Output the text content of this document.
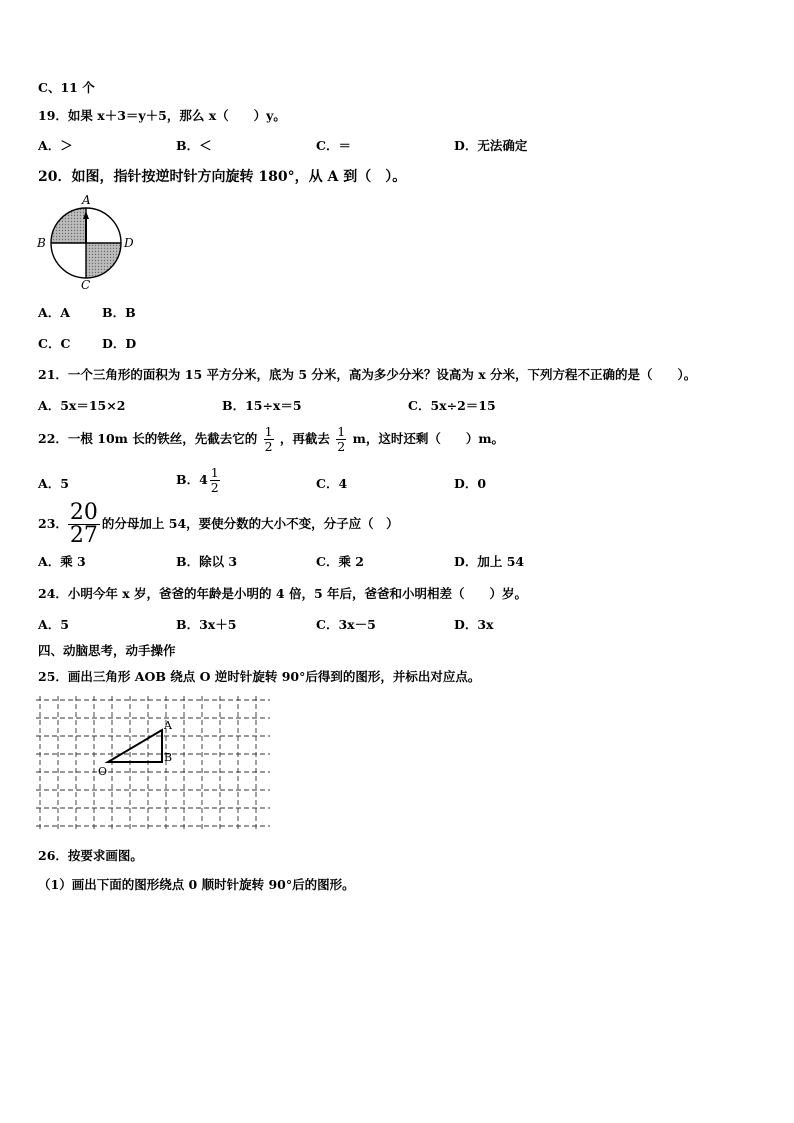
C、11 个
19．如果 x＋3＝y＋5，那么 x（　　）y。
A．＞	B．＜	C．＝	D．无法确定
20．如图，指针按逆时针方向旋转 180°，从 A 到（　）。
A
B	D
C
A．A	B．B
C．C	D．D
21．一个三角形的面积为 15 平方分米，底为 5 分米，高为多少分米？设高为 x 分米，下列方程不正确的是（　　）。
A．5x＝15×2	B．15÷x＝5	C．5x÷2＝15
22．一根 10m 长的铁丝，先截去它的 $\frac{1}{2}$ ，再截去 $\frac{1}{2}$ m，这时还剩（　　）m。
A．5	B．$4 \frac{1}{2}$	C．4	D．0
23． $\frac{20}{27}$ 的分母加上 54，要使分数的大小不变，分子应（　）
A．乘 3	B．除以 3	C．乘 2	D．加上 54
24．小明今年 x 岁，爸爸的年龄是小明的 4 倍，5 年后，爸爸和小明相差（　　）岁。
A．5	B．3x＋5	C．3x－5	D．3x
四、动脑思考，动手操作
25．画出三角形 AOB 绕点 O 逆时针旋转 90°后得到的图形，并标出对应点。
A
B
O
26．按要求画图。
（1）画出下面的图形绕点 0 顺时针旋转 90°后的图形。
